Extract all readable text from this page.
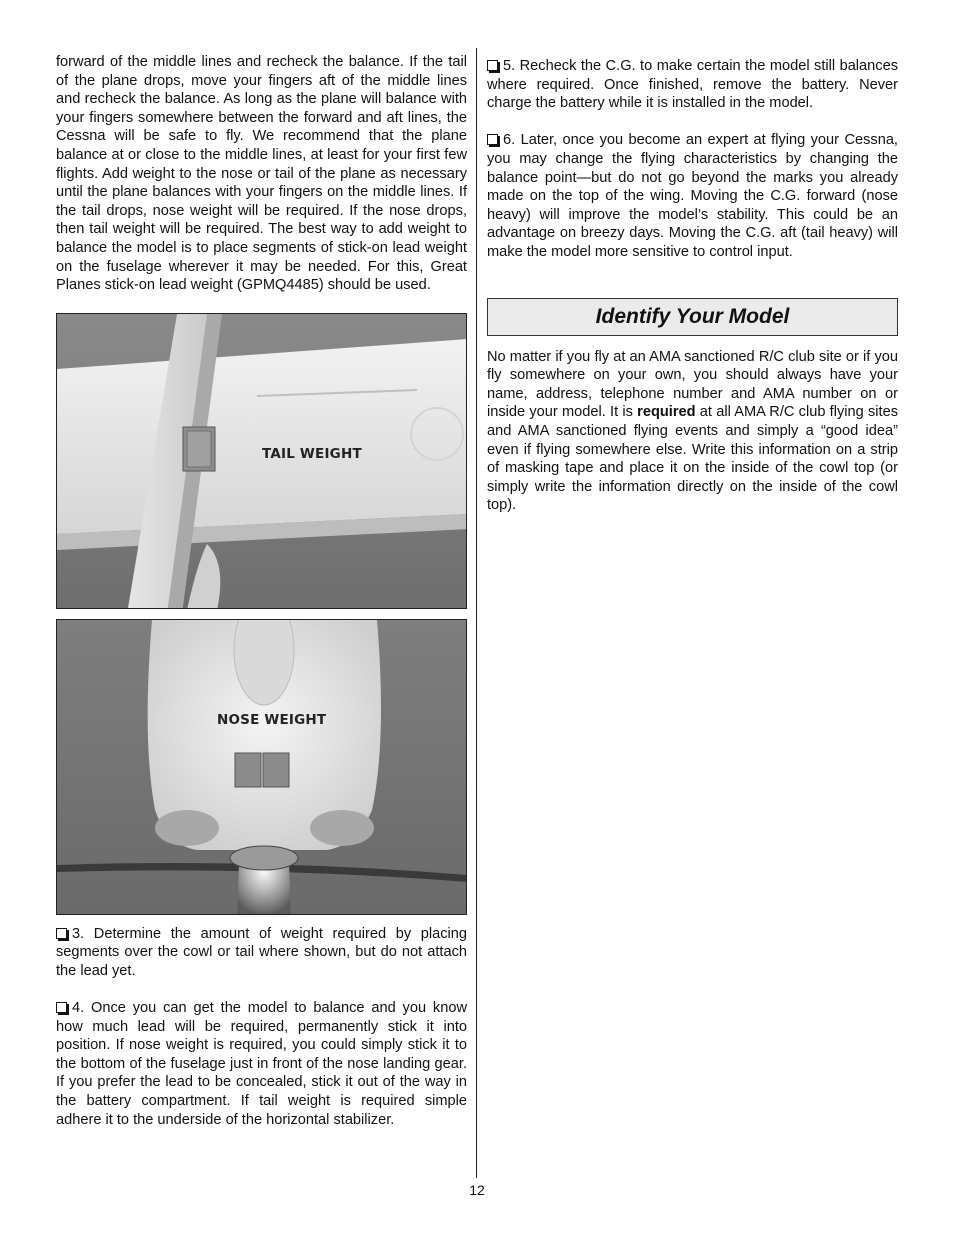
forward of the middle lines and recheck the balance. If the tail of the plane drops, move your fingers aft of the middle lines and recheck the balance. As long as the plane will balance with your fingers somewhere between the forward and aft lines, the Cessna will be safe to fly. We recommend that the plane balance at or close to the middle lines, at least for your first few flights. Add weight to the nose or tail of the plane as necessary until the plane balances with your fingers on the middle lines. If the tail drops, nose weight will be required. If the nose drops, then tail weight will be required. The best way to add weight to balance the model is to place segments of stick-on lead weight on the fuselage wherever it may be needed. For this, Great Planes stick-on lead weight (GPMQ4485) should be used.

TAIL WEIGHT
NOSE WEIGHT

3. Determine the amount of weight required by placing segments over the cowl or tail where shown, but do not attach the lead yet.

4. Once you can get the model to balance and you know how much lead will be required, permanently stick it into position. If nose weight is required, you could simply stick it to the bottom of the fuselage just in front of the nose landing gear. If you prefer the lead to be concealed, stick it out of the way in the battery compartment. If tail weight is required simple adhere it to the underside of the horizontal stabilizer.

5. Recheck the C.G. to make certain the model still balances where required. Once finished, remove the battery. Never charge the battery while it is installed in the model.

6. Later, once you become an expert at flying your Cessna, you may change the flying characteristics by changing the balance point—but do not go beyond the marks you already made on the top of the wing. Moving the C.G. forward (nose heavy) will improve the model’s stability. This could be an advantage on breezy days. Moving the C.G. aft (tail heavy) will make the model more sensitive to control input.

Identify Your Model

No matter if you fly at an AMA sanctioned R/C club site or if you fly somewhere on your own, you should always have your name, address, telephone number and AMA number on or inside your model. It is required at all AMA R/C club flying sites and AMA sanctioned flying events and simply a “good idea” even if flying somewhere else. Write this information on a strip of masking tape and place it on the inside of the cowl top (or simply write the information directly on the inside of the cowl top).

12
